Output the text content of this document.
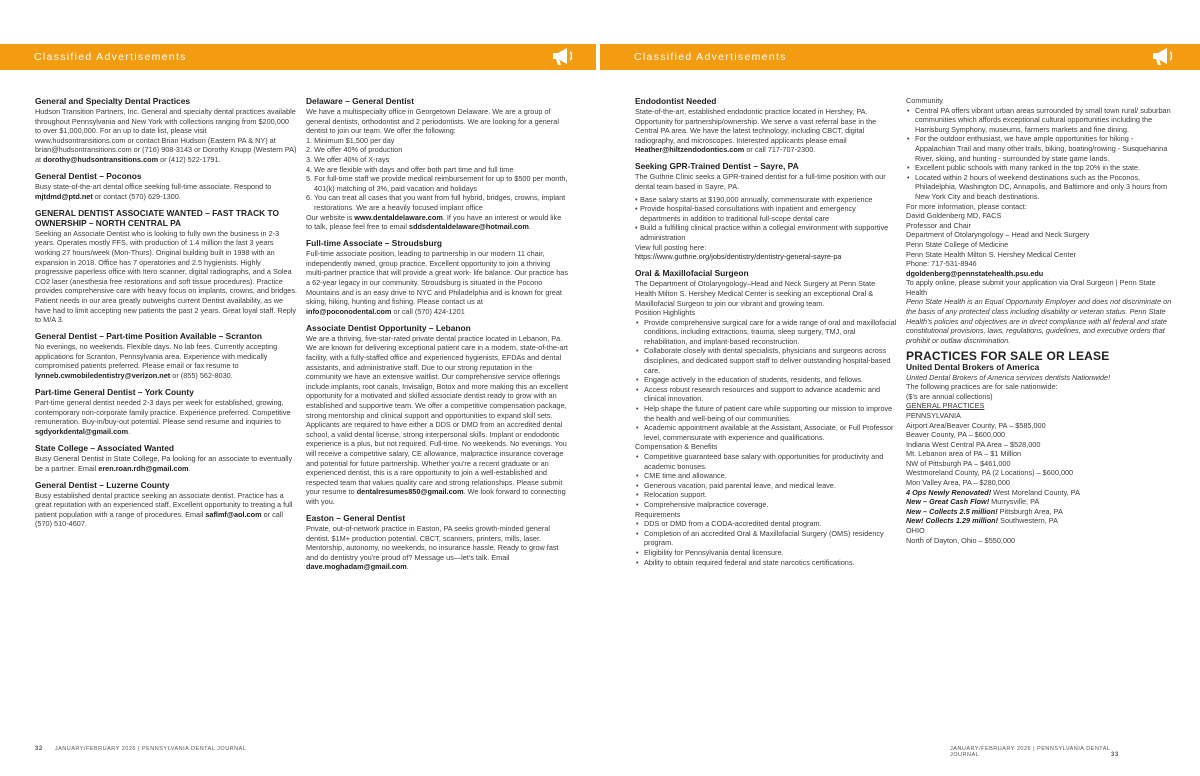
Classified Advertisements
General and Specialty Dental Practices

Hudson Transition Partners, Inc. General and specialty dental practices available throughout Pennsylvania and New York with collections ranging from $200,000 to over $1,000,000. For an up to date list, please visit www.hudsontransitions.com or contact Brian Hudson (Eastern PA & NY) at brian@hudsontransitions.com or (716) 908-3143 or Dorothy Knupp (Western PA) at dorothy@hudsontransitions.com or (412) 522-1791.

General Dentist – Poconos

Busy state-of-the-art dental office seeking full-time associate. Respond to mjtdmd@ptd.net or contact (570) 629-1300.

GENERAL DENTIST ASSOCIATE WANTED – FAST TRACK TO OWNERSHIP – NORTH CENTRAL PA

Seeking an Associate Dentist who is looking to fully own the business in 2-3 years. Operates mostly FFS, with production of 1.4 million the last 3 years working 27 hours/week (Mon-Thurs). Original building built in 1998 with an expansion in 2018. Office has 7 operatories and 2.5 hygienists. Highly progressive paperless office with Itero scanner, digital radiographs, and a Solea CO2 laser (anesthesia free restorations and soft tissue procedures). Practice provides comprehensive care with heavy focus on implants, crowns, and bridges. Patient needs in our area greatly outweighs current Dentist availability, as we have had to limit accepting new patients the past 2 years. Great loyal staff. Reply to M/A 3.

General Dentist – Part-time Position Available – Scranton

No evenings, no weekends. Flexible days. No lab fees. Currently accepting applications for Scranton, Pennsylvania area. Experience with medically compromised patients preferred. Please email or fax resume to lynneb.cwmobiledentistry@verizon.net or (855) 562-8030.

Part-time General Dentist – York County

Part-time general dentist needed 2-3 days per week for established, growing, contemporary non-corporate family practice. Experience preferred. Competitive remuneration. Buy-in/buy-out potential. Please send resume and inquiries to sgdyorkdental@gmail.com.

State College – Associated Wanted

Busy General Dentist in State College, Pa looking for an associate to eventually be a partner. Email eren.roan.rdh@gmail.com.

General Dentist – Luzerne County

Busy established dental practice seeking an associate dentist. Practice has a great reputation with an experienced staff. Excellent opportunity to treating a full patient population with a range of procedures. Email saflmf@aol.com or call (570) 510-4607.

Delaware – General Dentist

We have a multispecialty office in Georgetown Delaware. We are a group of general dentists, orthodontist and 2 periodontists. We are looking for a general dentist to join our team. We offer the following:

1. Minimum $1,500 per day
2. We offer 40% of production
3. We offer 40% of X-rays
4. We are flexible with days and offer both part time and full time
5. For full-time staff we provide medical reimbursement for up to $500 per month, 401(k) matching of 3%, paid vacation and holidays
6. You can treat all cases that you want from full hybrid, bridges, crowns, implant restorations. We are a heavily focused implant office

Our website is www.dentaldelaware.com. If you have an interest or would like to talk, please feel free to email sddsdentaldelaware@hotmail.com.

Full-time Associate – Stroudsburg

Full-time associate position, leading to partnership in our modern 11 chair, independently owned, group practice. Excellent opportunity to join a thriving multi-partner practice that will provide a great work- life balance. Our practice has a 62-year legacy in our community. Stroudsburg is situated in the Pocono Mountains and is an easy drive to NYC and Philadelphia and is known for great skiing, hiking, hunting and fishing. Please contact us at info@poconodental.com or call (570) 424-1201

Associate Dentist Opportunity – Lebanon

We are a thriving, five-star-rated private dental practice located in Lebanon, Pa. We are known for delivering exceptional patient care in a modern, state-of-the-art facility, with a fully-staffed office and experienced hygienists, EFDAs and dental assistants, and administrative staff. Due to our strong reputation in the community we have an extensive waitlist. Our comprehensive service offerings include implants, root canals, Invisalign, Botox and more making this an excellent opportunity for a motivated and skilled associate dentist ready to grow with an established and supportive team. We offer a competitive compensation package, strong mentorship and clinical support and opportunities to expand skill sets. Applicants are required to have either a DDS or DMD from an accredited dental school, a valid dental license, strong interpersonal skills. Implant or endodontic experience is a plus, but not required. Full-time. No weekends. No evenings. You will receive a competitive salary, CE allowance, malpractice insurance coverage and potential for future partnership. Whether you're a recent graduate or an experienced dentist, this is a rare opportunity to join a well-established and respected team that values quality care and strong relationships. Please submit your resume to dentalresumes850@gmail.com. We look forward to connecting with you.

Easton – General Dentist

Private, out-of-network practice in Easton, PA seeks growth-minded general dentist. $1M+ production potential. CBCT, scanners, printers, mills, laser. Mentorship, autonomy, no weekends, no insurance hassle. Ready to grow fast and do dentistry you're proud of? Message us—let's talk. Email dave.moghadam@gmail.com.

32 JANUARY/FEBRUARY 2026 | PENNSYLVANIA DENTAL JOURNAL
Classified Advertisements
Endodontist Needed

State-of-the-art, established endodontic practice located in Hershey, PA. Opportunity for partnership/ownership. We serve a vast referral base in the Central PA area. We have the latest technology, including CBCT, digital radiography, and microscopes. Interested applicants please email Heather@hiltzendodontics.com or call 717-707-2300.

Seeking GPR-Trained Dentist – Sayre, PA

The Guthrie Clinic seeks a GPR-trained dentist for a full-time position with our dental team based in Sayre, PA.

• Base salary starts at $190,000 annually, commensurate with experience
• Provide hospital-based consultations with inpatient and emergency departments in addition to traditional full-scope dental care
• Build a fulfilling clinical practice within a collegial environment with supportive administration

View full posting here:

https://www.guthrie.org/jobs/dentistry/dentistry-general-sayre-pa

Oral & Maxillofacial Surgeon

The Department of Otolaryngology–Head and Neck Surgery at Penn State Health Milton S. Hershey Medical Center is seeking an exceptional Oral & Maxillofacial Surgeon to join our vibrant and growing team.

Position Highlights

• Provide comprehensive surgical care for a wide range of oral and maxillofacial conditions, including extractions, trauma, sleep surgery, TMJ, oral rehabilitation, and implant-based reconstruction.
• Collaborate closely with dental specialists, physicians and surgeons across disciplines, and dedicated support staff to deliver outstanding hospital-based care.
• Engage actively in the education of students, residents, and fellows.
• Access robust research resources and support to advance academic and clinical innovation.
• Help shape the future of patient care while supporting our mission to improve the health and well-being of our communities.
• Academic appointment available at the Assistant, Associate, or Full Professor level, commensurate with experience and qualifications.

Compensation & Benefits

• Competitive guaranteed base salary with opportunities for productivity and academic bonuses.
• CME time and allowance.
• Generous vacation, paid parental leave, and medical leave.
• Relocation support.
• Comprehensive malpractice coverage.

Requirements

• DDS or DMD from a CODA-accredited dental program.
• Completion of an accredited Oral & Maxillofacial Surgery (OMS) residency program.
• Eligibility for Pennsylvania dental licensure.
• Ability to obtain required federal and state narcotics certifications.

Community

• Central PA offers vibrant urban areas surrounded by small town rural/ suburban communities which affords exceptional cultural opportunities including the Harrisburg Symphony, museums, farmers markets and fine dining.
• For the outdoor enthusiast, we have ample opportunities for hiking - Appalachian Trail and many other trails, biking, boating/rowing - Susquehanna River, skiing, and hunting - surrounded by state game lands.
• Excellent public schools with many ranked in the top 20% in the state.
• Located within 2 hours of weekend destinations such as the Poconos, Philadelphia, Washington DC, Annapolis, and Baltimore and only 3 hours from New York City and beach destinations.

For more information, please contact:

David Goldenberg MD, FACS

Professor and Chair

Department of Otolaryngology – Head and Neck Surgery

Penn State College of Medicine

Penn State Health Milton S. Hershey Medical Center

Phone: 717-531-8946

dgoldenberg@pennstatehealth.psu.edu

To apply online, please submit your application via Oral Surgeon | Penn State Health

Penn State Health is an Equal Opportunity Employer and does not discriminate on the basis of any protected class including disability or veteran status. Penn State Health's policies and objectives are in direct compliance with all federal and state constitutional provisions, laws, regulations, guidelines, and executive orders that prohibit or outlaw discrimination.

PRACTICES FOR SALE OR LEASE

United Dental Brokers of America

United Dental Brokers of America services dentists Nationwide!

The following practices are for sale nationwide:

($'s are annual collections)

GENERAL PRACTICES

PENNSYLVANIA

Airport Area/Beaver County, PA – $585,000

Beaver County, PA – $600,000

Indiana West Central PA Area – $528,000

Mt. Lebanon area of PA – $1 Million

NW of Pittsburgh PA – $461,000

Westmoreland County, PA (2 Locations) – $600,000

Mon Valley Area, PA – $280,000

4 Ops Newly Renovated! West Moreland County, PA

New – Great Cash Flow! Murrysville, PA

New – Collects 2.5 million! Pittsburgh Area, PA

New! Collects 1.29 million! Southwestern, PA

OHIO

North of Dayton, Ohio – $550,000

JANUARY/FEBRUARY 2026 | PENNSYLVANIA DENTAL JOURNAL	33
